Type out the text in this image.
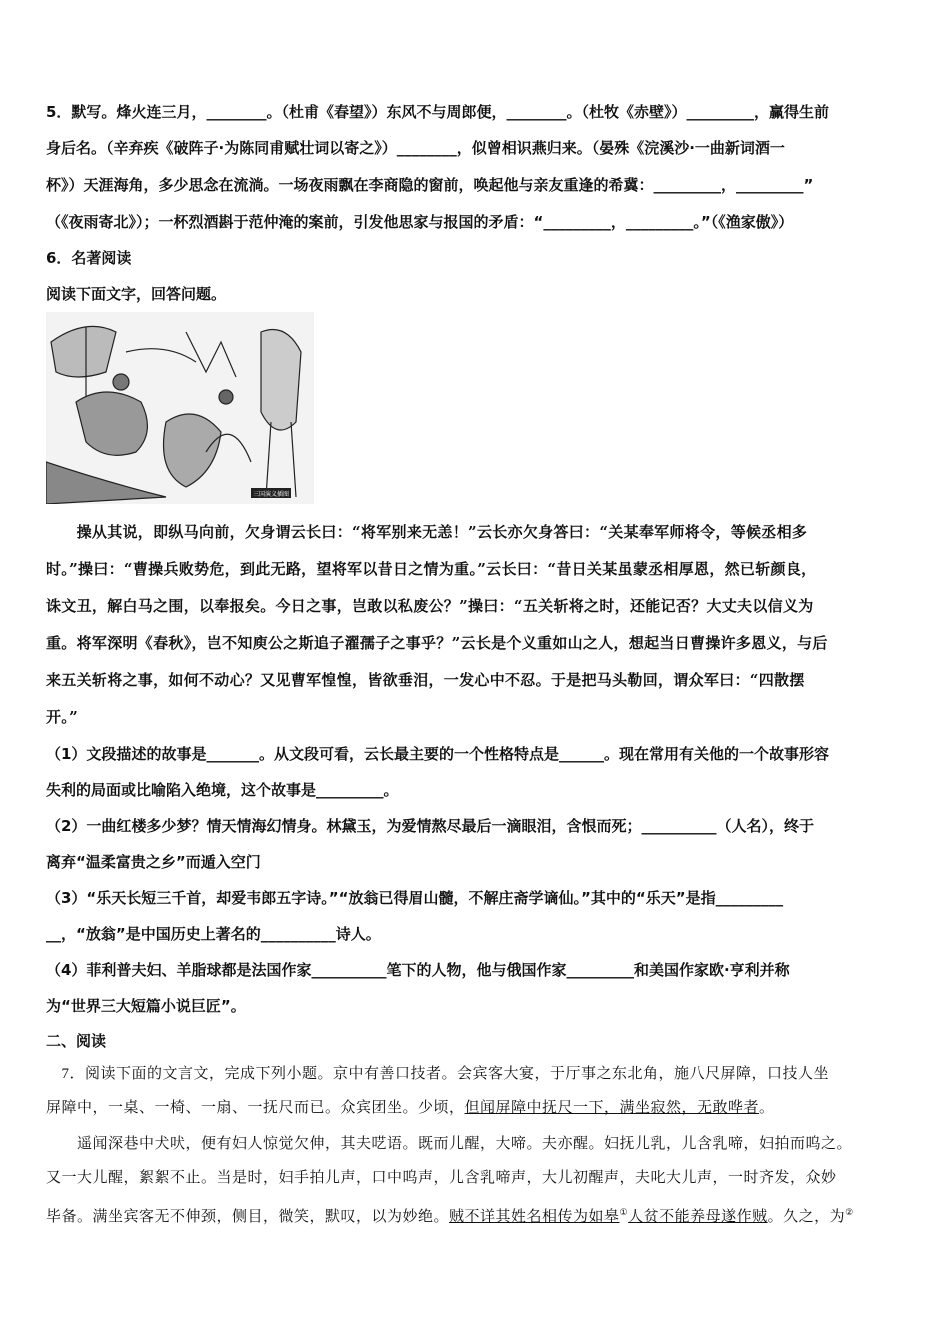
5．默写。烽火连三月，________。（杜甫《春望》）东风不与周郎便，________。（杜牧《赤壁》）_________，赢得生前
身后名。（辛弃疾《破阵子·为陈同甫赋壮词以寄之》）________，似曾相识燕归来。（晏殊《浣溪沙·一曲新词酒一
杯》）天涯海角，多少思念在流淌。一场夜雨飘在李商隐的窗前，唤起他与亲友重逢的希冀：_________，_________”
（《夜雨寄北》）；一杯烈酒斟于范仲淹的案前，引发他思家与报国的矛盾：“_________，_________。”（《渔家傲》）
6．名著阅读
阅读下面文字，回答问题。
三国演义插图
　　操从其说，即纵马向前，欠身谓云长曰：“将军别来无恙！”云长亦欠身答曰：“关某奉军师将令，等候丞相多
时。”操曰：“曹操兵败势危，到此无路，望将军以昔日之情为重。”云长曰：“昔日关某虽蒙丞相厚恩，然已斩颜良，
诛文丑，解白马之围，以奉报矣。今日之事，岂敢以私废公？”操曰：“五关斩将之时，还能记否？大丈夫以信义为
重。将军深明《春秋》，岂不知庾公之斯追子濯孺子之事乎？”云长是个义重如山之人，想起当日曹操许多恩义，与后
来五关斩将之事，如何不动心？又见曹军惶惶，皆欲垂泪，一发心中不忍。于是把马头勒回，谓众军曰：“四散摆
开。”
（1）文段描述的故事是_______。从文段可看，云长最主要的一个性格特点是______。现在常用有关他的一个故事形容
失利的局面或比喻陷入绝境，这个故事是_________。
（2）一曲红楼多少梦？情天情海幻情身。林黛玉，为爱情熬尽最后一滴眼泪，含恨而死；__________（人名），终于
离弃“温柔富贵之乡”而遁入空门
（3）“乐天长短三千首，却爱韦郎五字诗。”“放翁已得眉山髓，不解庄斋学谪仙。”其中的“乐天”是指_________
__，“放翁”是中国历史上著名的__________诗人。
（4）菲利普夫妇、羊脂球都是法国作家__________笔下的人物，他与俄国作家_________和美国作家欧·亨利并称
为“世界三大短篇小说巨匠”。
二、阅读
　7．阅读下面的文言文，完成下列小题。京中有善口技者。会宾客大宴，于厅事之东北角，施八尺屏障，口技人坐
屏障中，一桌、一椅、一扇、一抚尺而已。众宾团坐。少顷，但闻屏障中抚尺一下，满坐寂然，无敢哗者。
　　遥闻深巷中犬吠，便有妇人惊觉欠伸，其夫呓语。既而儿醒，大啼。夫亦醒。妇抚儿乳，儿含乳啼，妇拍而呜之。
又一大儿醒，絮絮不止。当是时，妇手拍儿声，口中呜声，儿含乳啼声，大儿初醒声，夫叱大儿声，一时齐发，众妙
毕备。满坐宾客无不伸颈，侧目，微笑，默叹，以为妙绝。贼不详其姓名相传为如皋①人贫不能养母遂作贼。久之，为②
